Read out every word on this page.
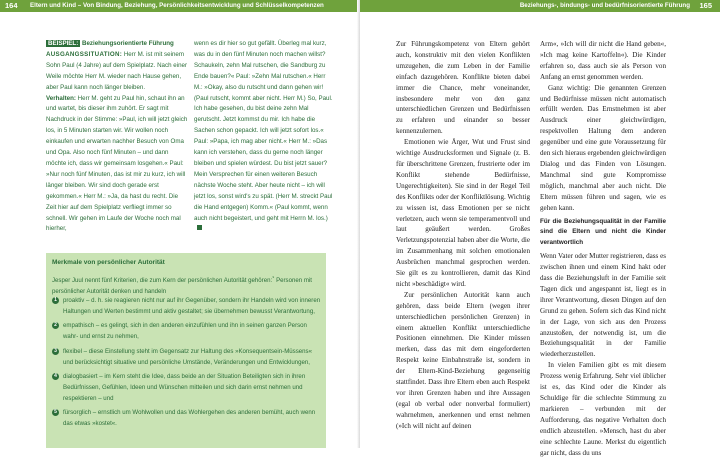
164 Eltern und Kind – Von Bindung, Beziehung, Persönlichkeitsentwicklung und Schlüsselkompetenzen
BEISPIEL: Beziehungsorientierte Führung
AUSGANGSSITUATION: Herr M. ist mit seinem Sohn Paul (4 Jahre) auf dem Spielplatz. Nach einer Weile möchte Herr M. wieder nach Hause gehen, aber Paul kann noch länger bleiben.
Verhalten: Herr M. geht zu Paul hin, schaut ihn an und wartet, bis dieser ihm zuhört. Er sagt mit Nachdruck in der Stimme: »Paul, ich will jetzt gleich los, in 5 Minuten starten wir. Wir wollen noch einkaufen und erwarten nachher Besuch von Oma und Opa. Also noch fünf Minuten – und dann möchte ich, dass wir gemeinsam losgehen.« Paul: »Nur noch fünf Minuten, das ist mir zu kurz, ich will länger bleiben. Wir sind doch gerade erst gekommen.« Herr M.: »Ja, da hast du recht. Die Zeit hier auf dem Spielplatz verfliegt immer so schnell. Wir gehen im Laufe der Woche noch mal hierher,
wenn es dir hier so gut gefällt. Überleg mal kurz, was du in den fünf Minuten noch machen willst? Schaukeln, zehn Mal rutschen, die Sandburg zu Ende bauen?« Paul: »Zehn Mal rutschen.« Herr M.: »Okay, also du rutscht und dann gehen wir! (Paul rutscht, kommt aber nicht. Herr M.) So, Paul. Ich habe gesehen, du bist deine zehn Mal gerutscht. Jetzt kommst du mir. Ich habe die Sachen schon gepackt. Ich will jetzt sofort los.« Paul: »Papa, ich mag aber nicht.« Herr M.: »Das kann ich verstehen, dass du gerne noch länger bleiben und spielen würdest. Du bist jetzt sauer? Mein Versprechen für einen weiteren Besuch nächste Woche steht. Aber heute nicht – ich will jetzt los, sonst wird's zu spät. (Herr M. streckt Paul die Hand entgegen) Komm.« (Paul kommt, wenn auch nicht begeistert, und geht mit Herrn M. los.)
Merkmale von persönlicher Autorität
Jesper Juul nennt fünf Kriterien, die zum Kern der persönlichen Autorität gehören:$^{^9}$ Personen mit persönlicher Autorität denken und handeln
1	proaktiv – d. h. sie reagieren nicht nur auf ihr Gegenüber, sondern ihr Handeln wird von inneren Haltungen und Werten bestimmt und aktiv gestaltet; sie übernehmen bewusst Verantwortung,
2	empathisch – es gelingt, sich in den anderen einzufühlen und ihn in seinen ganzen Person wahr- und ernst zu nehmen,
3	flexibel – diese Einstellung steht im Gegensatz zur Haltung des »Konsequentsein-Müssens« und berücksichtigt situative und persönliche Umstände, Veränderungen und Entwicklungen,
4	dialogbasiert – im Kern steht die Idee, dass beide an der Situation Beteiligten sich in ihren Bedürfnissen, Gefühlen, Ideen und Wünschen mitteilen und sich darin ernst nehmen und respektieren – und
5	fürsorglich – ernstlich um Wohlwollen und das Wohlergehen des anderen bemüht, auch wenn das etwas »kostet«.
Beziehungs-, bindungs- und bedürfnisorientierte Führung 165

Zur Führungskompetenz von Eltern gehört auch, konstruktiv mit den vielen Konflikten umzugehen, die zum Leben in der Familie einfach dazugehören. Konflikte bieten dabei immer die Chance, mehr voneinander, insbesondere mehr von den ganz unterschiedlichen Grenzen und Bedürfnissen zu erfahren und einander so besser kennenzulernen.

Emotionen wie Ärger, Wut und Frust sind wichtige Ausdrucksformen und Signale (z. B. für überschrittene Grenzen, frustrierte oder im Konflikt stehende Bedürfnisse, Ungerechtigkeiten). Sie sind in der Regel Teil des Konflikts oder der Konfliktlösung. Wichtig zu wissen ist, dass Emotionen per se nicht verletzen, auch wenn sie temperamentvoll und laut geäußert werden. Großes Verletzungspotenzial haben aber die Worte, die im Zusammenhang mit solchen emotionalen Ausbrüchen manchmal gesprochen werden. Sie gilt es zu kontrollieren, damit das Kind nicht »beschädigt« wird.

Zur persönlichen Autorität kann auch gehören, dass beide Eltern (wegen ihrer unterschiedlichen persönlichen Grenzen) in einem aktuellen Konflikt unterschiedliche Positionen einnehmen. Die Kinder müssen merken, dass das mit dem eingeforderten Respekt keine Einbahnstraße ist, sondern in der Eltern-Kind-Beziehung gegenseitig stattfindet. Dass ihre Eltern eben auch Respekt vor ihren Grenzen haben und ihre Aussagen (egal ob verbal oder nonverbal formuliert) wahrnehmen, anerkennen und ernst nehmen (»Ich will nicht auf deinen

Arm«, »Ich will dir nicht die Hand geben«, »Ich mag keine Kartoffeln«). Die Kinder erfahren so, dass auch sie als Person von Anfang an ernst genommen werden.

Ganz wichtig: Die genannten Grenzen und Bedürfnisse müssen nicht automatisch erfüllt werden. Das Ernstnehmen ist aber Ausdruck einer gleichwürdigen, respektvollen Haltung dem anderen gegenüber und eine gute Voraussetzung für den sich hieraus ergebenden gleichwürdigen Dialog und das Finden von Lösungen. Manchmal sind gute Kompromisse möglich, manchmal aber auch nicht. Die Eltern müssen führen und sagen, wie es gehen kann.

Für die Beziehungsqualität in der Familie sind die Eltern und nicht die Kinder verantwortlich

Wenn Vater oder Mutter registrieren, dass es zwischen ihnen und einem Kind hakt oder dass die Beziehungsluft in der Familie seit Tagen dick und angespannt ist, liegt es in ihrer Verantwortung, diesen Dingen auf den Grund zu gehen. Sofern sich das Kind nicht in der Lage, von sich aus den Prozess anzustoßen, der notwendig ist, um die Beziehungsqualität in der Familie wiederherzustellen.

In vielen Familien gibt es mit diesem Prozess wenig Erfahrung. Sehr viel üblicher ist es, das Kind oder die Kinder als Schuldige für die schlechte Stimmung zu markieren – verbunden mit der Aufforderung, das negative Verhalten doch endlich abzustellen. »Mensch, hast du aber eine schlechte Laune. Merkst du eigentlich gar nicht, dass du uns
